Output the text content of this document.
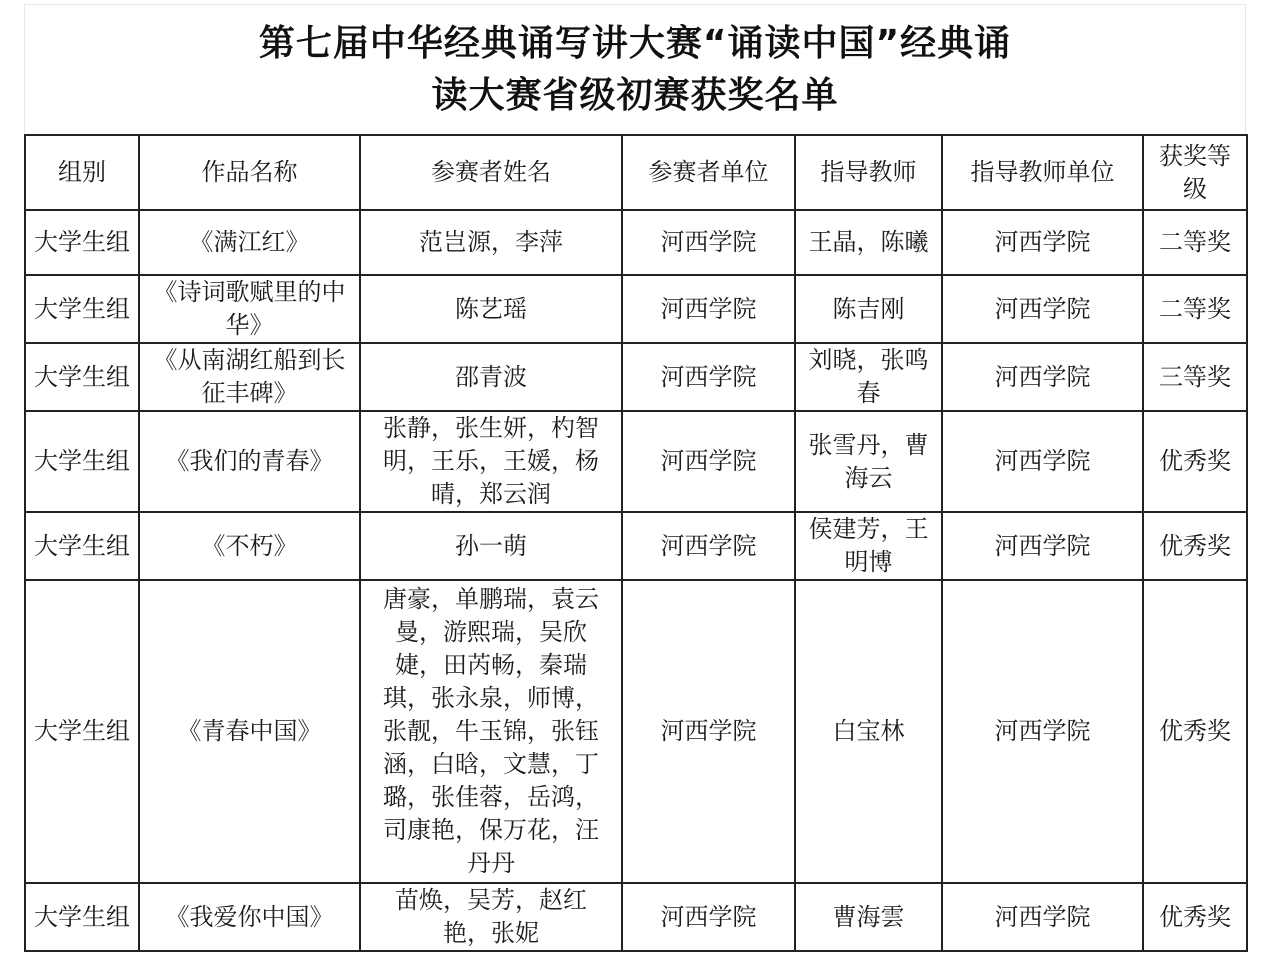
第七届中华经典诵写讲大赛“诵读中国”经典诵
读大赛省级初赛获奖名单
组别	作品名称	参赛者姓名	参赛者单位	指导教师	指导教师单位	获奖等级
大学生组	《满江红》	范岂源，李萍	河西学院	王晶，陈曦	河西学院	二等奖
大学生组	《诗词歌赋里的中华》	陈艺瑶	河西学院	陈吉刚	河西学院	二等奖
大学生组	《从南湖红船到长征丰碑》	邵青波	河西学院	刘晓，张鸣春	河西学院	三等奖
大学生组	《我们的青春》	张静，张生妍，杓智明，王乐，王媛，杨晴，郑云润	河西学院	张雪丹，曹海云	河西学院	优秀奖
大学生组	《不朽》	孙一萌	河西学院	侯建芳，王明博	河西学院	优秀奖
大学生组	《青春中国》	唐豪，单鹏瑞，袁云曼，游熙瑞，吴欣婕，田芮畅，秦瑞琪，张永泉，师博，张靓，牛玉锦，张钰涵，白晗，文慧，丁璐，张佳蓉，岳鸿，司康艳，保万花，汪丹丹	河西学院	白宝林	河西学院	优秀奖
大学生组	《我爱你中国》	苗焕，吴芳，赵红艳，张妮	河西学院	曹海雲	河西学院	优秀奖
